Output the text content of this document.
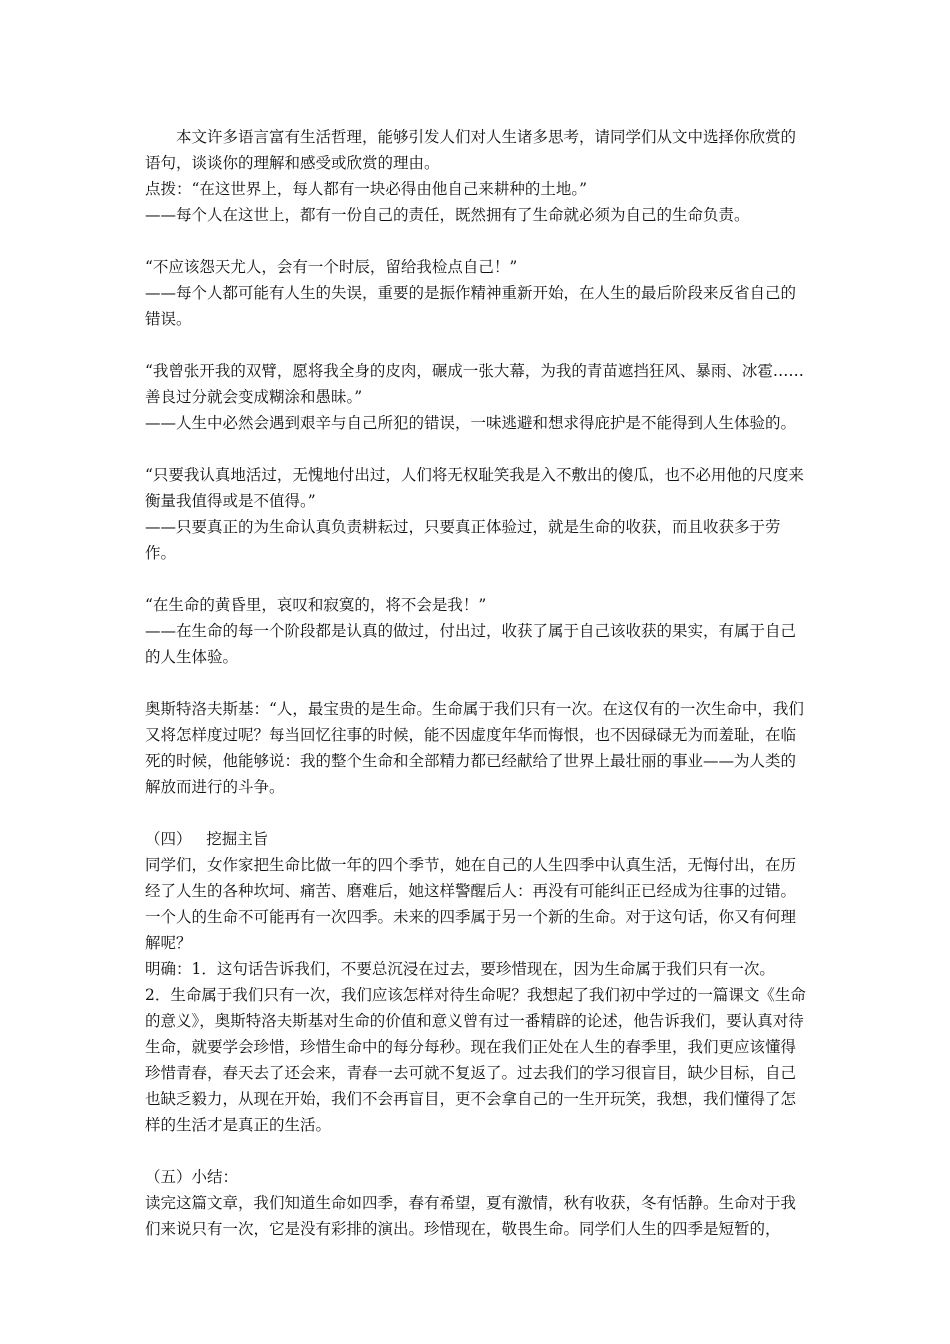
本文许多语言富有生活哲理，能够引发人们对人生诸多思考，请同学们从文中选择你欣赏的语句，谈谈你的理解和感受或欣赏的理由。

点拨：“在这世界上，每人都有一块必得由他自己来耕种的土地。”

——每个人在这世上，都有一份自己的责任，既然拥有了生命就必须为自己的生命负责。

“不应该怨天尤人，会有一个时辰，留给我检点自己！”

——每个人都可能有人生的失误，重要的是振作精神重新开始，在人生的最后阶段来反省自己的错误。

“我曾张开我的双臂，愿将我全身的皮肉，碾成一张大幕，为我的青苗遮挡狂风、暴雨、冰雹……善良过分就会变成糊涂和愚昧。”

——人生中必然会遇到艰辛与自己所犯的错误，一味逃避和想求得庇护是不能得到人生体验的。

“只要我认真地活过，无愧地付出过，人们将无权耻笑我是入不敷出的傻瓜，也不必用他的尺度来衡量我值得或是不值得。”

——只要真正的为生命认真负责耕耘过，只要真正体验过，就是生命的收获，而且收获多于劳作。

“在生命的黄昏里，哀叹和寂寞的，将不会是我！”

——在生命的每一个阶段都是认真的做过，付出过，收获了属于自己该收获的果实，有属于自己的人生体验。

奥斯特洛夫斯基：“人，最宝贵的是生命。生命属于我们只有一次。在这仅有的一次生命中，我们又将怎样度过呢？每当回忆往事的时候，能不因虚度年华而悔恨，也不因碌碌无为而羞耻，在临死的时候，他能够说：我的整个生命和全部精力都已经献给了世界上最壮丽的事业——为人类的解放而进行的斗争。

（四）   挖掘主旨

同学们，女作家把生命比做一年的四个季节，她在自己的人生四季中认真生活，无悔付出，在历经了人生的各种坎坷、痛苦、磨难后，她这样警醒后人：再没有可能纠正已经成为往事的过错。一个人的生命不可能再有一次四季。未来的四季属于另一个新的生命。对于这句话，你又有何理解呢？

明确：1．这句话告诉我们，不要总沉浸在过去，要珍惜现在，因为生命属于我们只有一次。

2．生命属于我们只有一次，我们应该怎样对待生命呢？我想起了我们初中学过的一篇课文《生命的意义》，奥斯特洛夫斯基对生命的价值和意义曾有过一番精辟的论述，他告诉我们，要认真对待生命，就要学会珍惜，珍惜生命中的每分每秒。现在我们正处在人生的春季里，我们更应该懂得珍惜青春，春天去了还会来，青春一去可就不复返了。过去我们的学习很盲目，缺少目标，自己也缺乏毅力，从现在开始，我们不会再盲目，更不会拿自己的一生开玩笑，我想，我们懂得了怎样的生活才是真正的生活。

（五）小结：

读完这篇文章，我们知道生命如四季，春有希望，夏有激情，秋有收获，冬有恬静。生命对于我们来说只有一次，它是没有彩排的演出。珍惜现在，敬畏生命。同学们人生的四季是短暂的，
